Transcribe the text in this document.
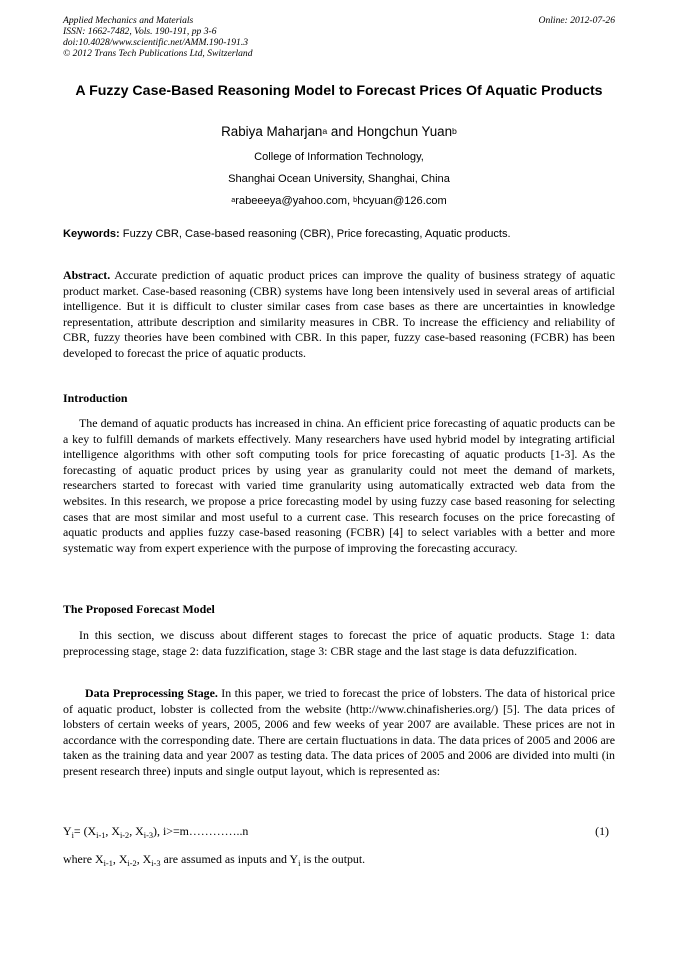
Applied Mechanics and Materials
ISSN: 1662-7482, Vols. 190-191, pp 3-6
doi:10.4028/www.scientific.net/AMM.190-191.3
© 2012 Trans Tech Publications Ltd, Switzerland
Online: 2012-07-26
A Fuzzy Case-Based Reasoning Model to Forecast Prices Of Aquatic Products
Rabiya Maharjan$^a$ and Hongchun Yuan$^b$
College of Information Technology,
Shanghai Ocean University, Shanghai, China
$^a$rabeeeya@yahoo.com, $^b$hcyuan@126.com
Keywords: Fuzzy CBR, Case-based reasoning (CBR), Price forecasting, Aquatic products.

Abstract. Accurate prediction of aquatic product prices can improve the quality of business strategy of aquatic product market. Case-based reasoning (CBR) systems have long been intensively used in several areas of artificial intelligence. But it is difficult to cluster similar cases from case bases as there are uncertainties in knowledge representation, attribute description and similarity measures in CBR. To increase the efficiency and reliability of CBR, fuzzy theories have been combined with CBR. In this paper, fuzzy case-based reasoning (FCBR) has been developed to forecast the price of aquatic products.

Introduction

The demand of aquatic products has increased in china. An efficient price forecasting of aquatic products can be a key to fulfill demands of markets effectively. Many researchers have used hybrid model by integrating artificial intelligence algorithms with other soft computing tools for price forecasting of aquatic products [1-3]. As the forecasting of aquatic product prices by using year as granularity could not meet the demand of markets, researchers started to forecast with varied time granularity using automatically extracted web data from the websites. In this research, we propose a price forecasting model by using fuzzy case based reasoning for selecting cases that are most similar and most useful to a current case. This research focuses on the price forecasting of aquatic products and applies fuzzy case-based reasoning (FCBR) [4] to select variables with a better and more systematic way from expert experience with the purpose of improving the forecasting accuracy.

The Proposed Forecast Model

In this section, we discuss about different stages to forecast the price of aquatic products. Stage 1: data preprocessing stage, stage 2: data fuzzification, stage 3: CBR stage and the last stage is data defuzzification.

Data Preprocessing Stage. In this paper, we tried to forecast the price of lobsters. The data of historical price of aquatic product, lobster is collected from the website (http://www.chinafisheries.org/) [5]. The data prices of lobsters of certain weeks of years, 2005, 2006 and few weeks of year 2007 are available. These prices are not in accordance with the corresponding date. There are certain fluctuations in data. The data prices of 2005 and 2006 are taken as the training data and year 2007 as testing data. The data prices of 2005 and 2006 are divided into multi (in present research three) inputs and single output layout, which is represented as:

$Y_i= (X_{i-1}$, $X_{i-2}$, $X_{i-3}$), i>=m…………..n	(1)
where $X_{i-1}$, $X_{i-2}$, $X_{i-3}$ are assumed as inputs and $Y_i$ is the output.
